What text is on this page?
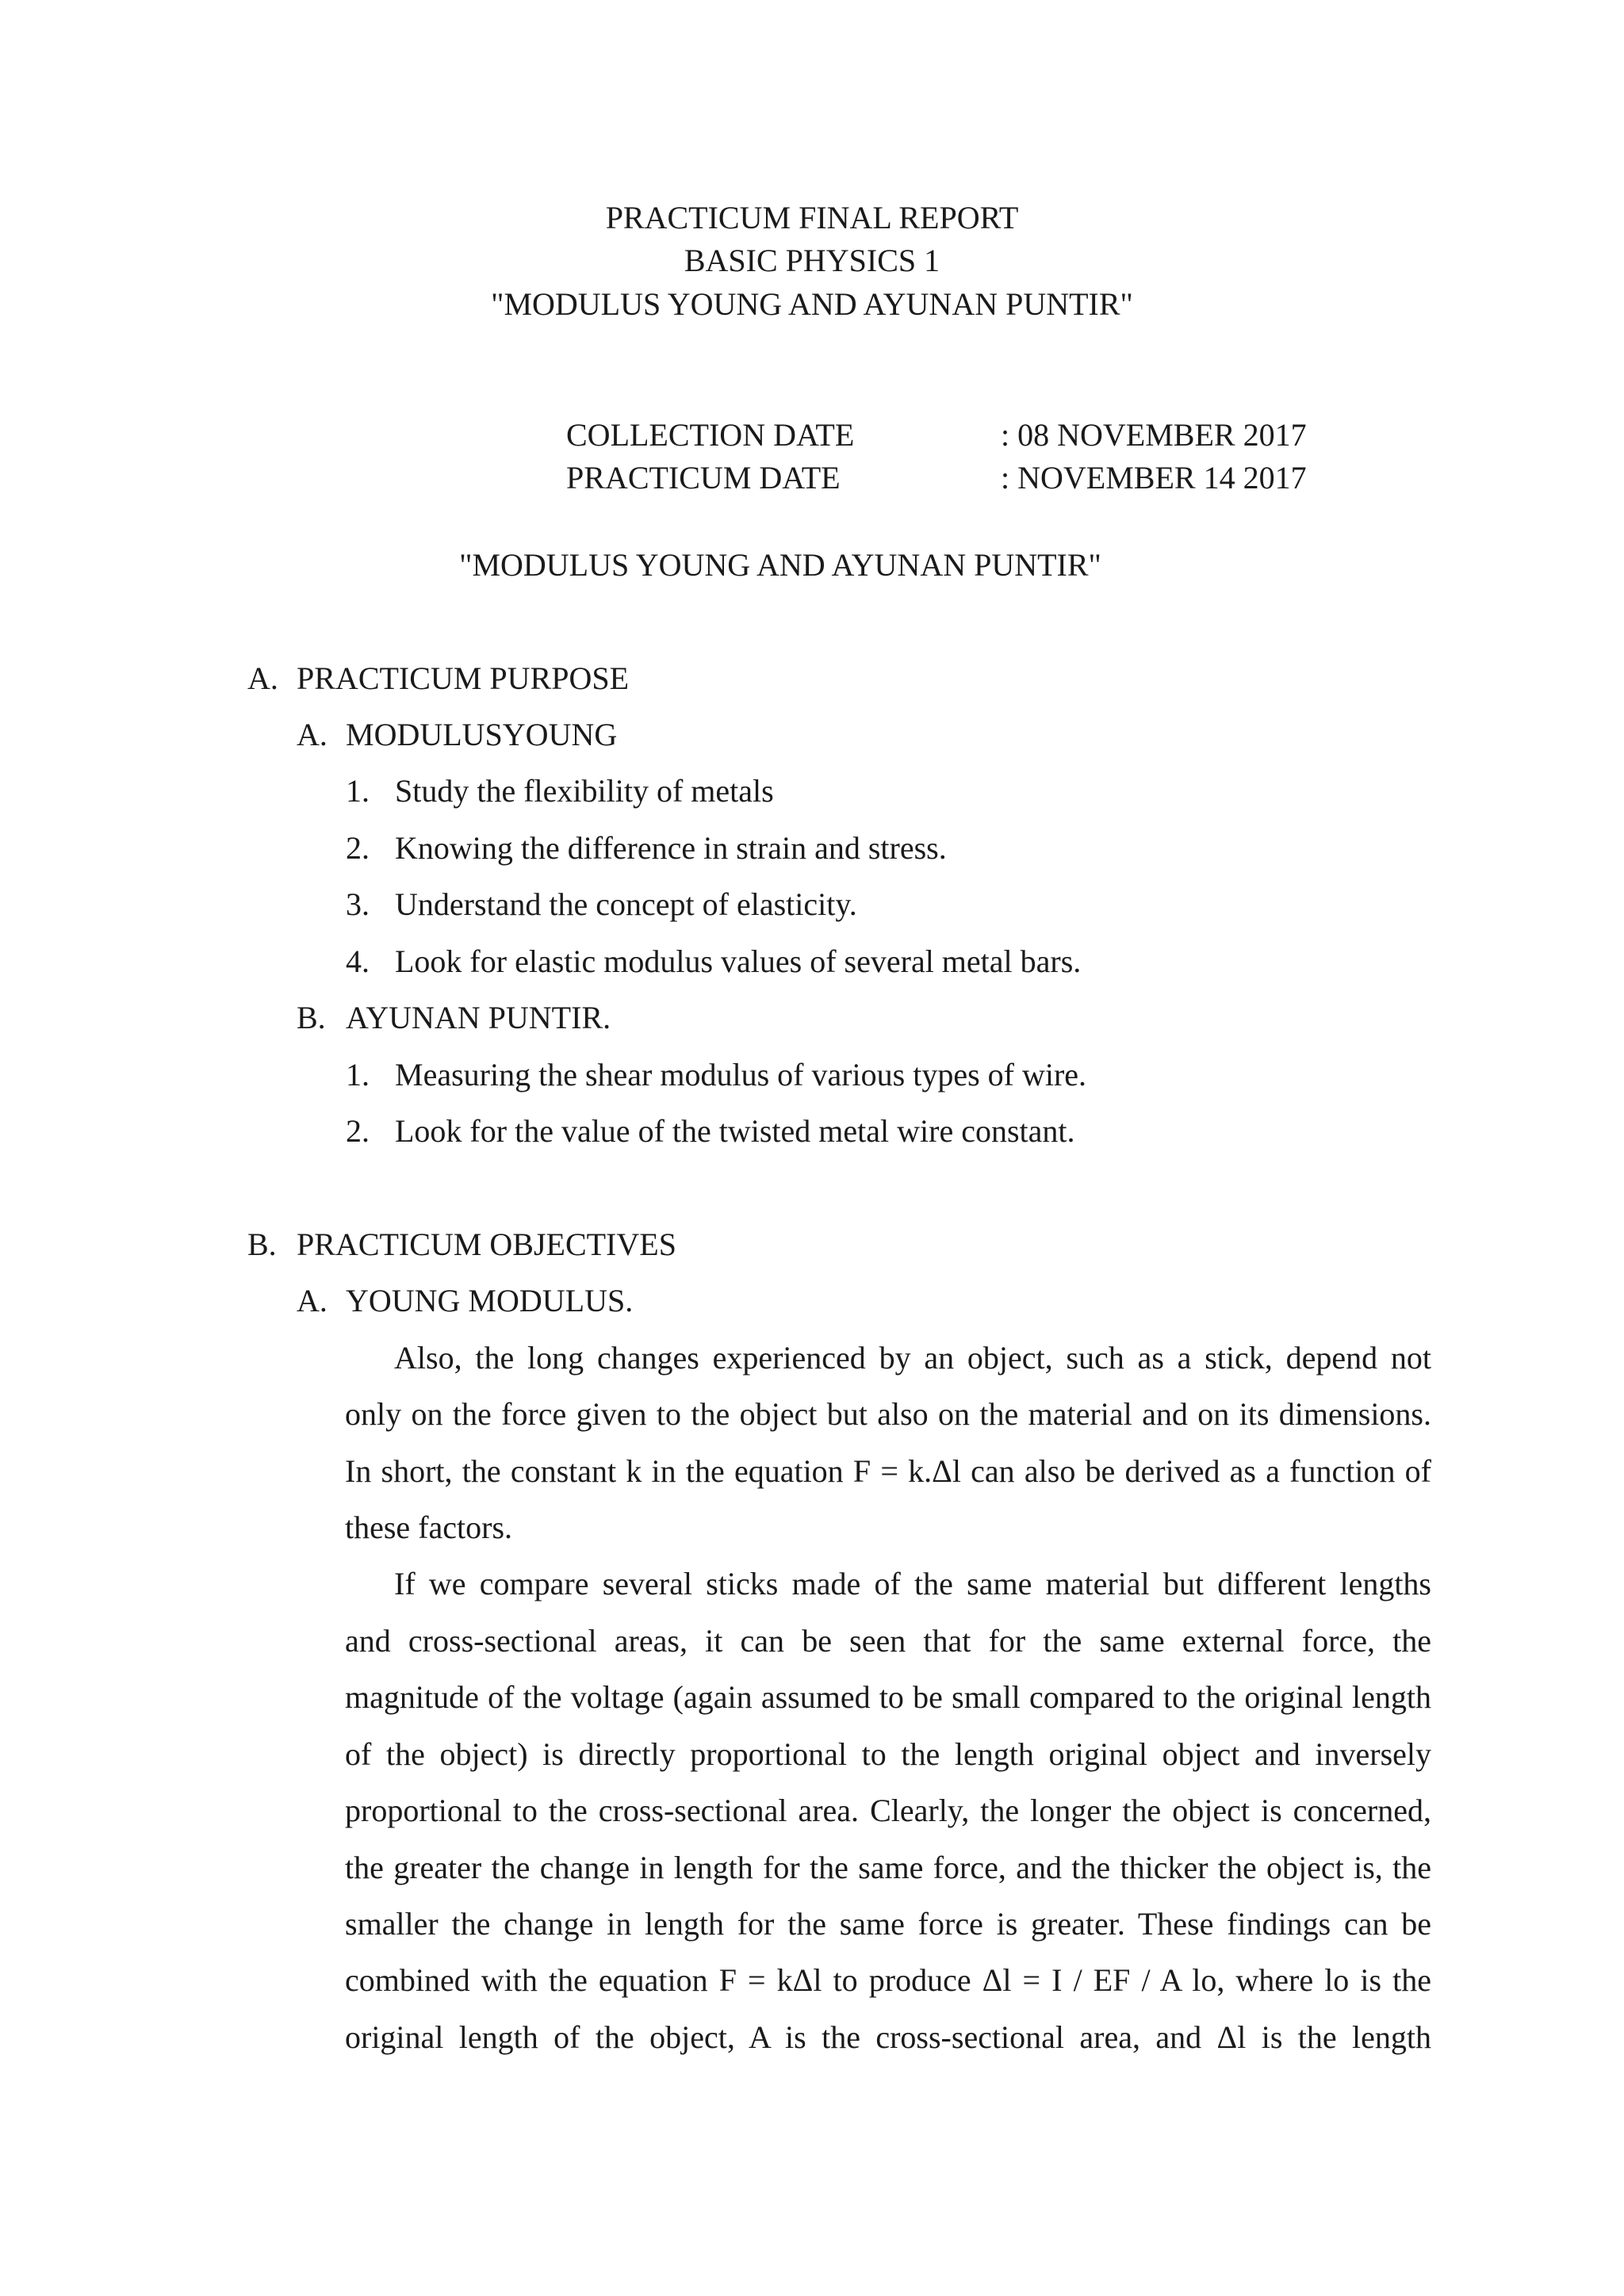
PRACTICUM FINAL REPORT
BASIC PHYSICS 1
"MODULUS YOUNG AND AYUNAN PUNTIR"
COLLECTION DATE	: 08 NOVEMBER 2017
PRACTICUM DATE	: NOVEMBER 14 2017
"MODULUS YOUNG AND AYUNAN PUNTIR"
A. PRACTICUM PURPOSE
A. MODULUSYOUNG
1. Study the flexibility of metals
2. Knowing the difference in strain and stress.
3. Understand the concept of elasticity.
4. Look for elastic modulus values of several metal bars.
B. AYUNAN PUNTIR.
1. Measuring the shear modulus of various types of wire.
2. Look for the value of the twisted metal wire constant.
B. PRACTICUM OBJECTIVES
A. YOUNG MODULUS.
Also, the long changes experienced by an object, such as a stick, depend not
only on the force given to the object but also on the material and on its dimensions.
In short, the constant k in the equation F = k.Δl can also be derived as a function of
these factors.
If we compare several sticks made of the same material but different lengths
and cross-sectional areas, it can be seen that for the same external force, the
magnitude of the voltage (again assumed to be small compared to the original length
of the object) is directly proportional to the length original object and inversely
proportional to the cross-sectional area. Clearly, the longer the object is concerned,
the greater the change in length for the same force, and the thicker the object is, the
smaller the change in length for the same force is greater. These findings can be
combined with the equation F = kΔl to produce Δl = I / EF / A lo, where lo is the
original length of the object, A is the cross-sectional area, and Δl is the length
